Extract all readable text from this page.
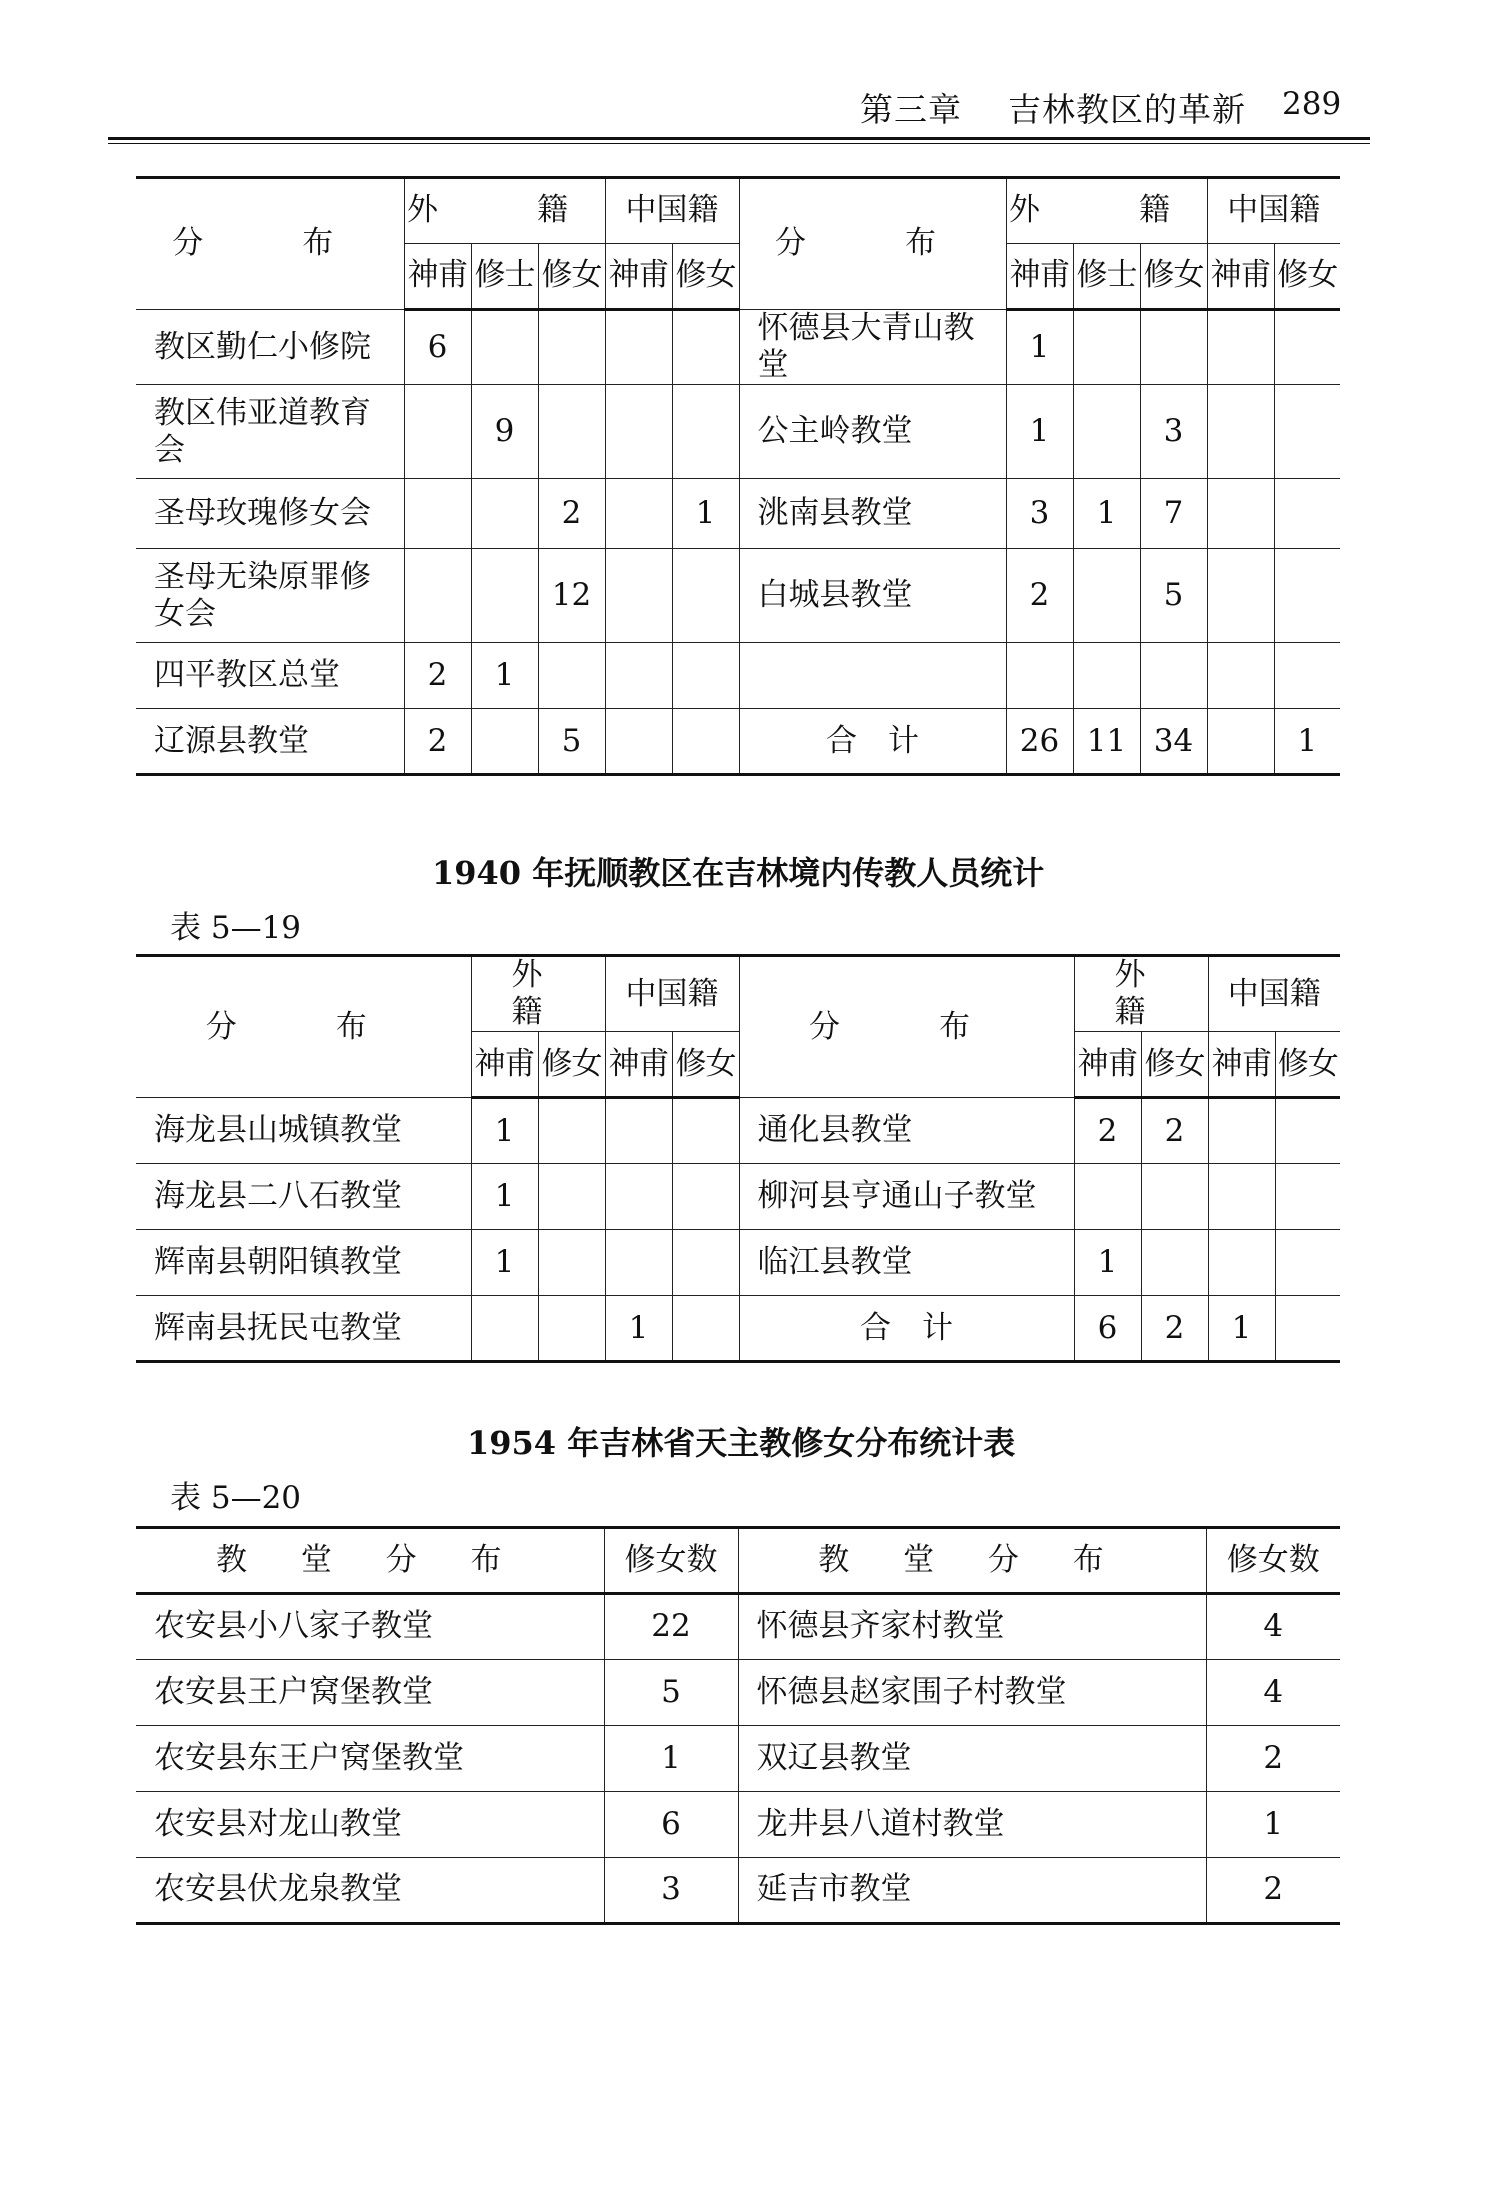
第三章 吉林教区的革新 289
分　布	外　籍			中国籍		分　布	外　籍			中国籍	
	神甫	修士	修女	神甫	修女		神甫	修士	修女	神甫	修女
教区勤仁小修院	6					怀德县大青山教堂	1				
教区伟亚道教育会		9				公主岭教堂	1		3		
圣母玫瑰修女会			2		1	洮南县教堂	3	1	7		
圣母无染原罪修女会			12			白城县教堂	2		5		
四平教区总堂	2	1									
辽源县教堂	2		5			合　计	26	11	34		1
1940 年抚顺教区在吉林境内传教人员统计
表 5—19
分　布	外　籍		中国籍		分　布	外　籍		中国籍	
	神甫	修女	神甫	修女		神甫	修女	神甫	修女
海龙县山城镇教堂	1				通化县教堂	2	2		
海龙县二八石教堂	1				柳河县亨通山子教堂				
辉南县朝阳镇教堂	1				临江县教堂	1			
辉南县抚民屯教堂			1		合　计	6	2	1	
1954 年吉林省天主教修女分布统计表
表 5—20
教 堂 分 布	修女数	教 堂 分 布	修女数
农安县小八家子教堂	22	怀德县齐家村教堂	4
农安县王户窝堡教堂	5	怀德县赵家围子村教堂	4
农安县东王户窝堡教堂	1	双辽县教堂	2
农安县对龙山教堂	6	龙井县八道村教堂	1
农安县伏龙泉教堂	3	延吉市教堂	2
